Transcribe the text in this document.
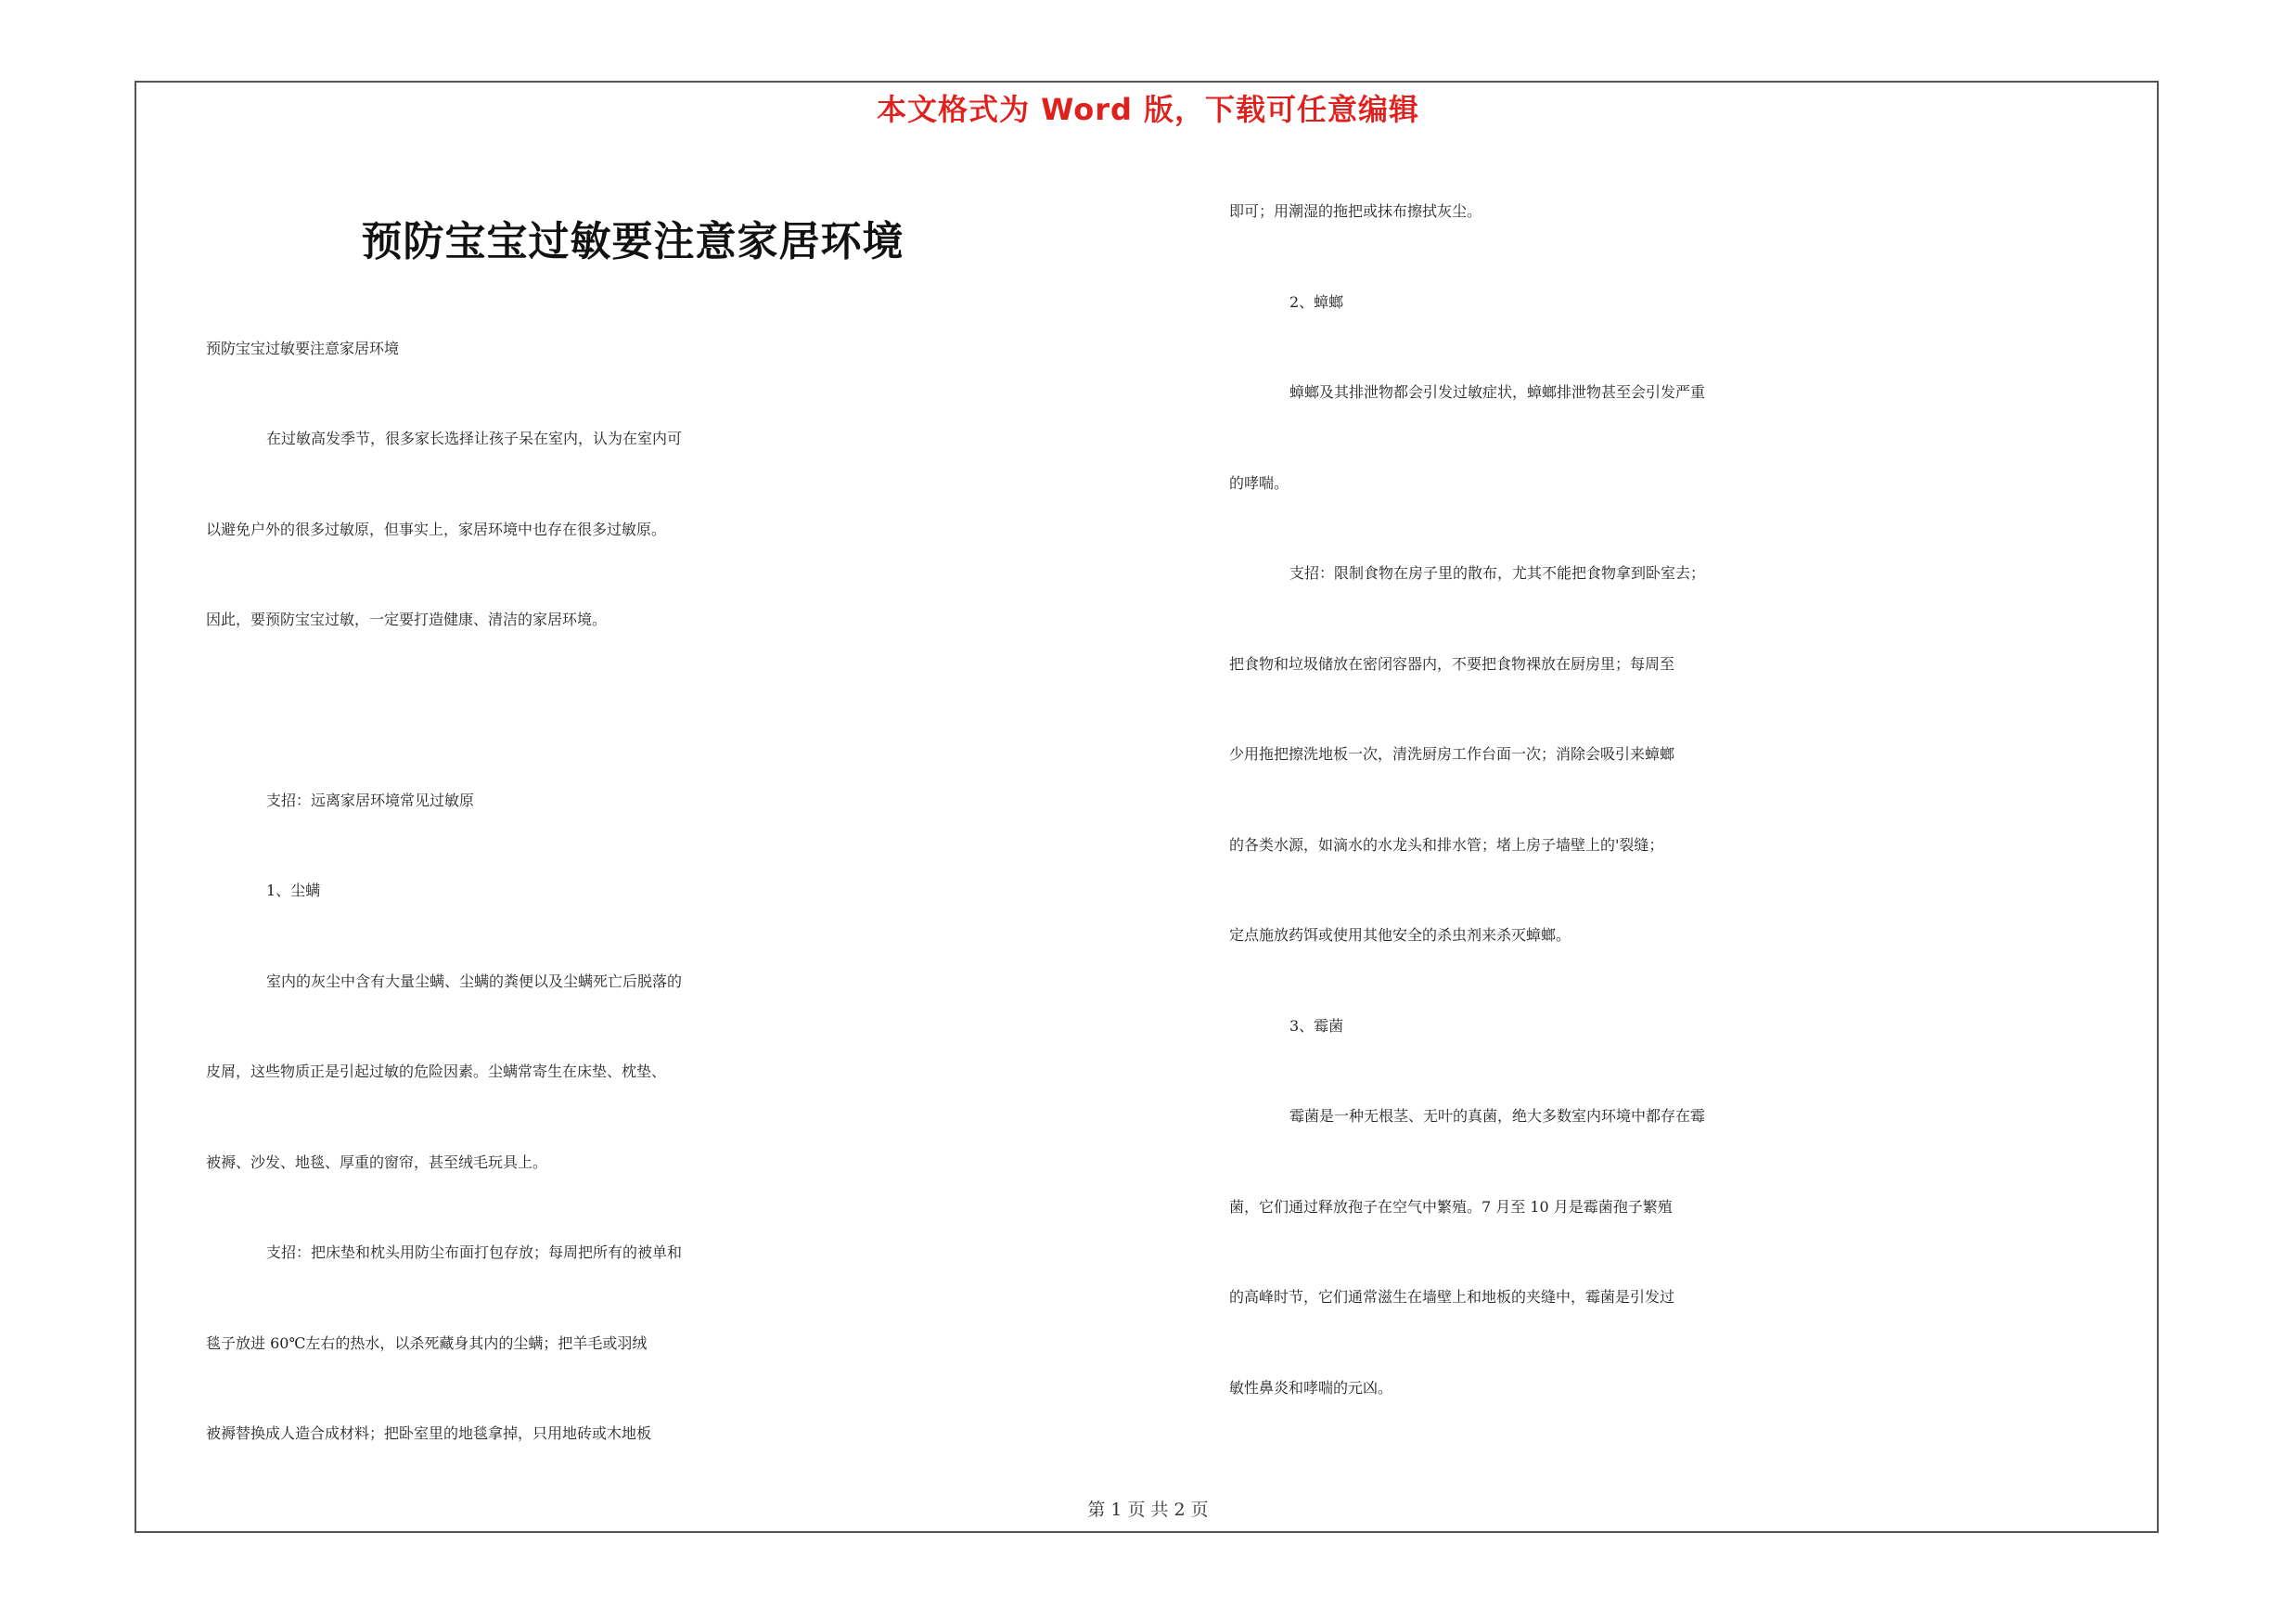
本文格式为 Word 版，下载可任意编辑
预防宝宝过敏要注意家居环境
预防宝宝过敏要注意家居环境
在过敏高发季节，很多家长选择让孩子呆在室内，认为在室内可
以避免户外的很多过敏原，但事实上，家居环境中也存在很多过敏原。
因此，要预防宝宝过敏，一定要打造健康、清洁的家居环境。
支招：远离家居环境常见过敏原
1、尘螨
室内的灰尘中含有大量尘螨、尘螨的粪便以及尘螨死亡后脱落的
皮屑，这些物质正是引起过敏的危险因素。尘螨常寄生在床垫、枕垫、
被褥、沙发、地毯、厚重的窗帘，甚至绒毛玩具上。
支招：把床垫和枕头用防尘布面打包存放；每周把所有的被单和
毯子放进 60℃左右的热水，以杀死藏身其内的尘螨；把羊毛或羽绒
被褥替换成人造合成材料；把卧室里的地毯拿掉，只用地砖或木地板
即可；用潮湿的拖把或抹布擦拭灰尘。
2、蟑螂
蟑螂及其排泄物都会引发过敏症状，蟑螂排泄物甚至会引发严重
的哮喘。
支招：限制食物在房子里的散布，尤其不能把食物拿到卧室去；
把食物和垃圾储放在密闭容器内，不要把食物裸放在厨房里；每周至
少用拖把擦洗地板一次，清洗厨房工作台面一次；消除会吸引来蟑螂
的各类水源，如滴水的水龙头和排水管；堵上房子墙壁上的'裂缝；
定点施放药饵或使用其他安全的杀虫剂来杀灭蟑螂。
3、霉菌
霉菌是一种无根茎、无叶的真菌，绝大多数室内环境中都存在霉
菌，它们通过释放孢子在空气中繁殖。7 月至 10 月是霉菌孢子繁殖
的高峰时节，它们通常滋生在墙壁上和地板的夹缝中，霉菌是引发过
敏性鼻炎和哮喘的元凶。
第 1 页 共 2 页
